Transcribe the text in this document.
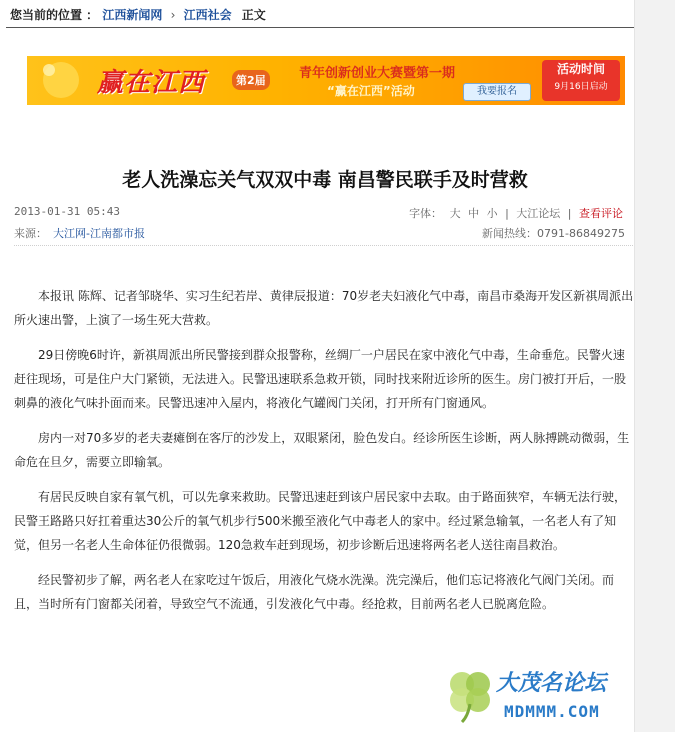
您当前的位置 ： 江西新闻网 › 江西社会 正文
赢在江西	第2届	青年创新创业大赛暨第一期
“赢在江西”活动	我要报名
活动时间
9月16日启动
老人洗澡忘关气双双中毒 南昌警民联手及时营救
2013-01-31 05:43	字体： 大 中 小 | 大江论坛 | 查看评论
来源： 大江网-江南都市报	新闻热线：0791-86849275

本报讯 陈辉、记者邹晓华、实习生纪若岸、黄律辰报道：70岁老夫妇液化气中毒，南昌市桑海开发区新祺周派出所火速出警，上演了一场生死大营救。

29日傍晚6时许，新祺周派出所民警接到群众报警称，丝绸厂一户居民在家中液化气中毒，生命垂危。民警火速赶往现场，可是住户大门紧锁，无法进入。民警迅速联系急救开锁，同时找来附近诊所的医生。房门被打开后，一股刺鼻的液化气味扑面而来。民警迅速冲入屋内，将液化气罐阀门关闭，打开所有门窗通风。

房内一对70多岁的老夫妻瘫倒在客厅的沙发上，双眼紧闭，脸色发白。经诊所医生诊断，两人脉搏跳动微弱，生命危在旦夕，需要立即输氧。

有居民反映自家有氧气机，可以先拿来救助。民警迅速赶到该户居民家中去取。由于路面狭窄，车辆无法行驶，民警王路路只好扛着重达30公斤的氧气机步行500米搬至液化气中毒老人的家中。经过紧急输氧，一名老人有了知觉，但另一名老人生命体征仍很微弱。120急救车赶到现场，初步诊断后迅速将两名老人送往南昌救治。

经民警初步了解，两名老人在家吃过午饭后，用液化气烧水洗澡。洗完澡后，他们忘记将液化气阀门关闭。而且，当时所有门窗都关闭着，导致空气不流通，引发液化气中毒。经抢救，目前两名老人已脱离危险。

大茂名论坛
MDMMM.COM
